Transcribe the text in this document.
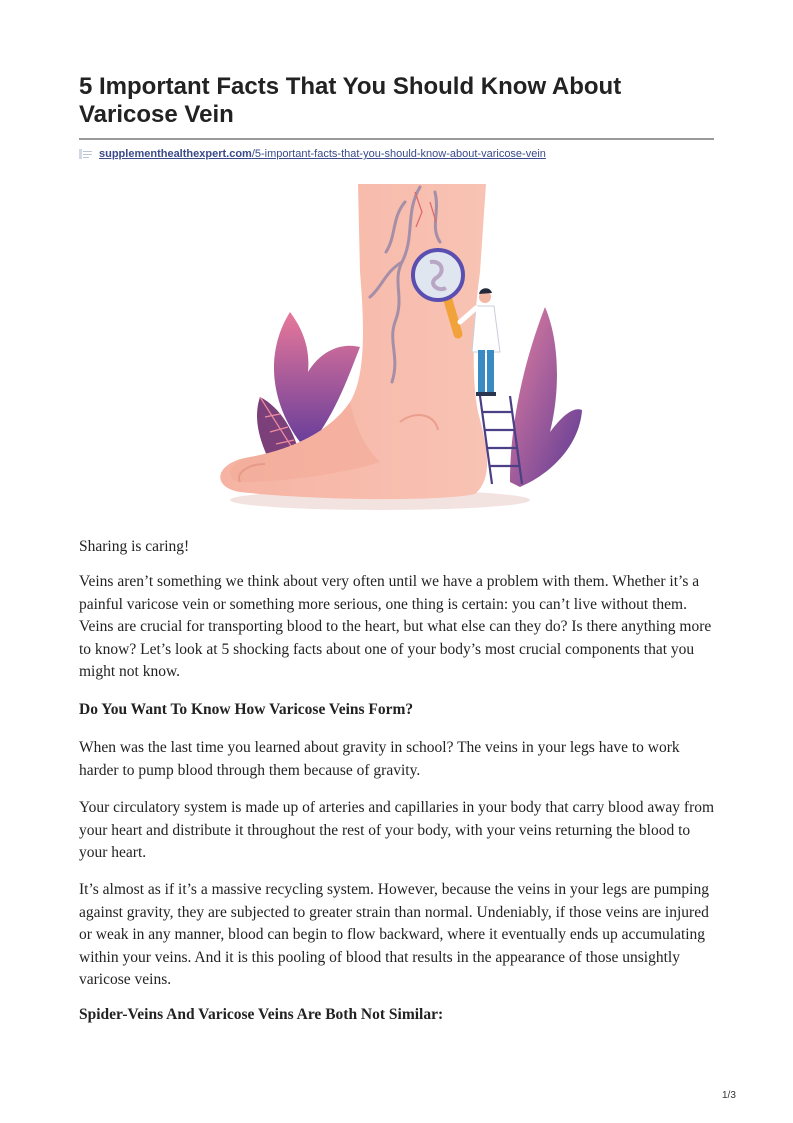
5 Important Facts That You Should Know About Varicose Vein
supplementhealthexpert.com/5-important-facts-that-you-should-know-about-varicose-vein

Sharing is caring!

Veins aren’t something we think about very often until we have a problem with them. Whether it’s a painful varicose vein or something more serious, one thing is certain: you can’t live without them. Veins are crucial for transporting blood to the heart, but what else can they do? Is there anything more to know? Let’s look at 5 shocking facts about one of your body’s most crucial components that you might not know.

Do You Want To Know How Varicose Veins Form?

When was the last time you learned about gravity in school? The veins in your legs have to work harder to pump blood through them because of gravity.

Your circulatory system is made up of arteries and capillaries in your body that carry blood away from your heart and distribute it throughout the rest of your body, with your veins returning the blood to your heart.

It’s almost as if it’s a massive recycling system. However, because the veins in your legs are pumping against gravity, they are subjected to greater strain than normal. Undeniably, if those veins are injured or weak in any manner, blood can begin to flow backward, where it eventually ends up accumulating within your veins. And it is this pooling of blood that results in the appearance of those unsightly varicose veins.

Spider-Veins And Varicose Veins Are Both Not Similar:

1/3
